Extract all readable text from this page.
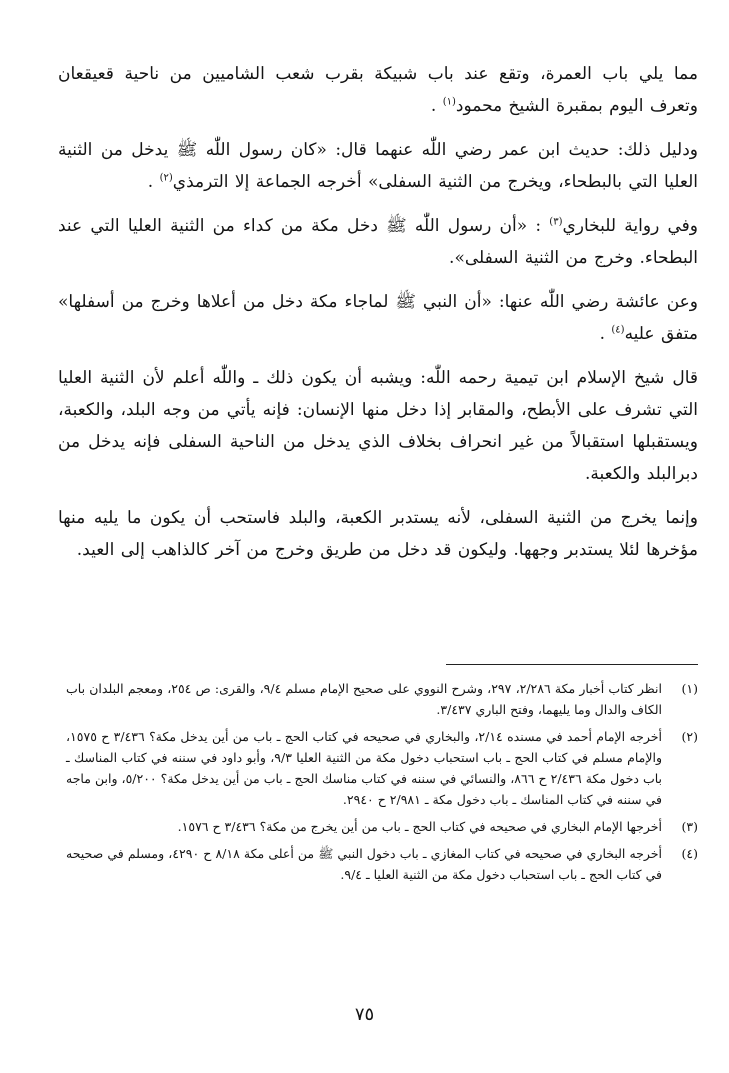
مما يلي باب العمرة، وتقع عند باب شبيكة بقرب شعب الشاميين من ناحية قعيقعان وتعرف اليوم بمقبرة الشيخ محمود$^{(١)}$ .

ودليل ذلك: حديث ابن عمر رضي اللّٰه عنهما قال: «كان رسول اللّٰه ﷺ يدخل من الثنية العليا التي بالبطحاء، ويخرج من الثنية السفلى» أخرجه الجماعة إلا الترمذي$^{(٢)}$ .

وفي رواية للبخاري$^{(٣)}$ : «أن رسول اللّٰه ﷺ دخل مكة من كداء من الثنية العليا التي عند البطحاء. وخرج من الثنية السفلى».

وعن عائشة رضي اللّٰه عنها: «أن النبي ﷺ لماجاء مكة دخل من أعلاها وخرج من أسفلها» متفق عليه$^{(٤)}$ .

قال شيخ الإسلام ابن تيمية رحمه اللّٰه: ويشبه أن يكون ذلك ـ واللّٰه أعلم لأن الثنية العليا التي تشرف على الأبطح، والمقابر إذا دخل منها الإنسان: فإنه يأتي من وجه البلد، والكعبة، ويستقبلها استقبالاً من غير انحراف بخلاف الذي يدخل من الناحية السفلى فإنه يدخل من دبرالبلد والكعبة.

وإنما يخرج من الثنية السفلى، لأنه يستدبر الكعبة، والبلد فاستحب أن يكون ما يليه منها مؤخرها لئلا يستدبر وجهها. وليكون قد دخل من طريق وخرج من آخر كالذاهب إلى العيد.

(١)
انظر كتاب أخبار مكة ٢/٢٨٦، ٢٩٧، وشرح النووي على صحيح الإمام مسلم ٩/٤، والقرى: ص ٢٥٤، ومعجم البلدان باب الكاف والدال وما يليهما، وفتح الباري ٣/٤٣٧.
(٢)
أخرجه الإمام أحمد في مسنده ٢/١٤، والبخاري في صحيحه في كتاب الحج ـ باب من أين يدخل مكة؟ ٣/٤٣٦ ح ١٥٧٥، والإمام مسلم في كتاب الحج ـ باب استحباب دخول مكة من الثنية العليا ٩/٣، وأبو داود في سننه في كتاب المناسك ـ باب دخول مكة ٢/٤٣٦ ح ٨٦٦، والنسائي في سننه في كتاب مناسك الحج ـ باب من أين يدخل مكة؟ ٥/٢٠٠، وابن ماجه في سننه في كتاب المناسك ـ باب دخول مكة ـ ٢/٩٨١ ح ٢٩٤٠.
(٣)
أخرجها الإمام البخاري في صحيحه في كتاب الحج ـ باب من أين يخرج من مكة؟ ٣/٤٣٦ ح ١٥٧٦.
(٤)
أخرجه البخاري في صحيحه في كتاب المغازي ـ باب دخول النبي ﷺ من أعلى مكة ٨/١٨ ح ٤٢٩٠، ومسلم في صحيحه في كتاب الحج ـ باب استحباب دخول مكة من الثنية العليا ـ ٩/٤.
٧٥
